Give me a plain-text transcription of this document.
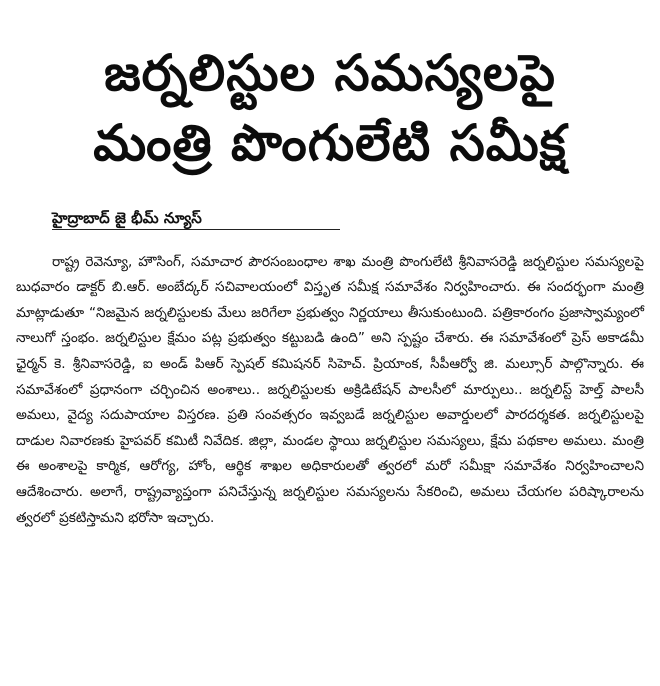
జర్నలిస్టుల సమస్యలపై
మంత్రి పొంగులేటి సమీక్ష
హైద్రాబాద్ జై భీమ్ న్యూస్

రాష్ట్ర రెవెన్యూ, హౌసింగ్, సమాచార పౌరసంబంధాల శాఖ మంత్రి పొంగులేటి శ్రీనివాసరెడ్డి జర్నలిస్టుల సమస్యలపై బుధవారం డాక్టర్ బి.ఆర్. అంబేద్కర్ సచివాలయంలో విస్తృత సమీక్ష సమావేశం నిర్వహించారు. ఈ సందర్భంగా మంత్రి మాట్లాడుతూ “నిజమైన జర్నలిస్టులకు మేలు జరిగేలా ప్రభుత్వం నిర్ణయాలు తీసుకుంటుంది. పత్రికారంగం ప్రజాస్వామ్యంలో నాలుగో స్తంభం. జర్నలిస్టుల క్షేమం పట్ల ప్రభుత్వం కట్టుబడి ఉంది” అని స్పష్టం చేశారు. ఈ సమావేశంలో ప్రెస్ అకాడమీ ఛైర్మన్ కె. శ్రీనివాసరెడ్డి, ఐ అండ్ పిఆర్ స్పెషల్ కమిషనర్ సిహెచ్. ప్రియాంక, సీపీఆర్వో జి. మల్సూర్ పాల్గొన్నారు. ఈ సమావేశంలో ప్రధానంగా చర్చించిన అంశాలు.. జర్నలిస్టులకు అక్రిడిటేషన్ పాలసీలో మార్పులు.. జర్నలిస్ట్ హెల్త్ పాలసీ అమలు, వైద్య సదుపాయాల విస్తరణ. ప్రతి సంవత్సరం ఇవ్వబడే జర్నలిస్టుల అవార్డులలో పారదర్శకత. జర్నలిస్టులపై దాడుల నివారణకు హైపవర్ కమిటీ నివేదిక. జిల్లా, మండల స్థాయి జర్నలిస్టుల సమస్యలు, క్షేమ పథకాల అమలు. మంత్రి ఈ అంశాలపై కార్మిక, ఆరోగ్య, హోం, ఆర్థిక శాఖల అధికారులతో త్వరలో మరో సమీక్షా సమావేశం నిర్వహించాలని ఆదేశించారు. అలాగే, రాష్ట్రవ్యాప్తంగా పనిచేస్తున్న జర్నలిస్టుల సమస్యలను సేకరించి, అమలు చేయగల పరిష్కారాలను త్వరలో ప్రకటిస్తామని భరోసా ఇచ్చారు.
